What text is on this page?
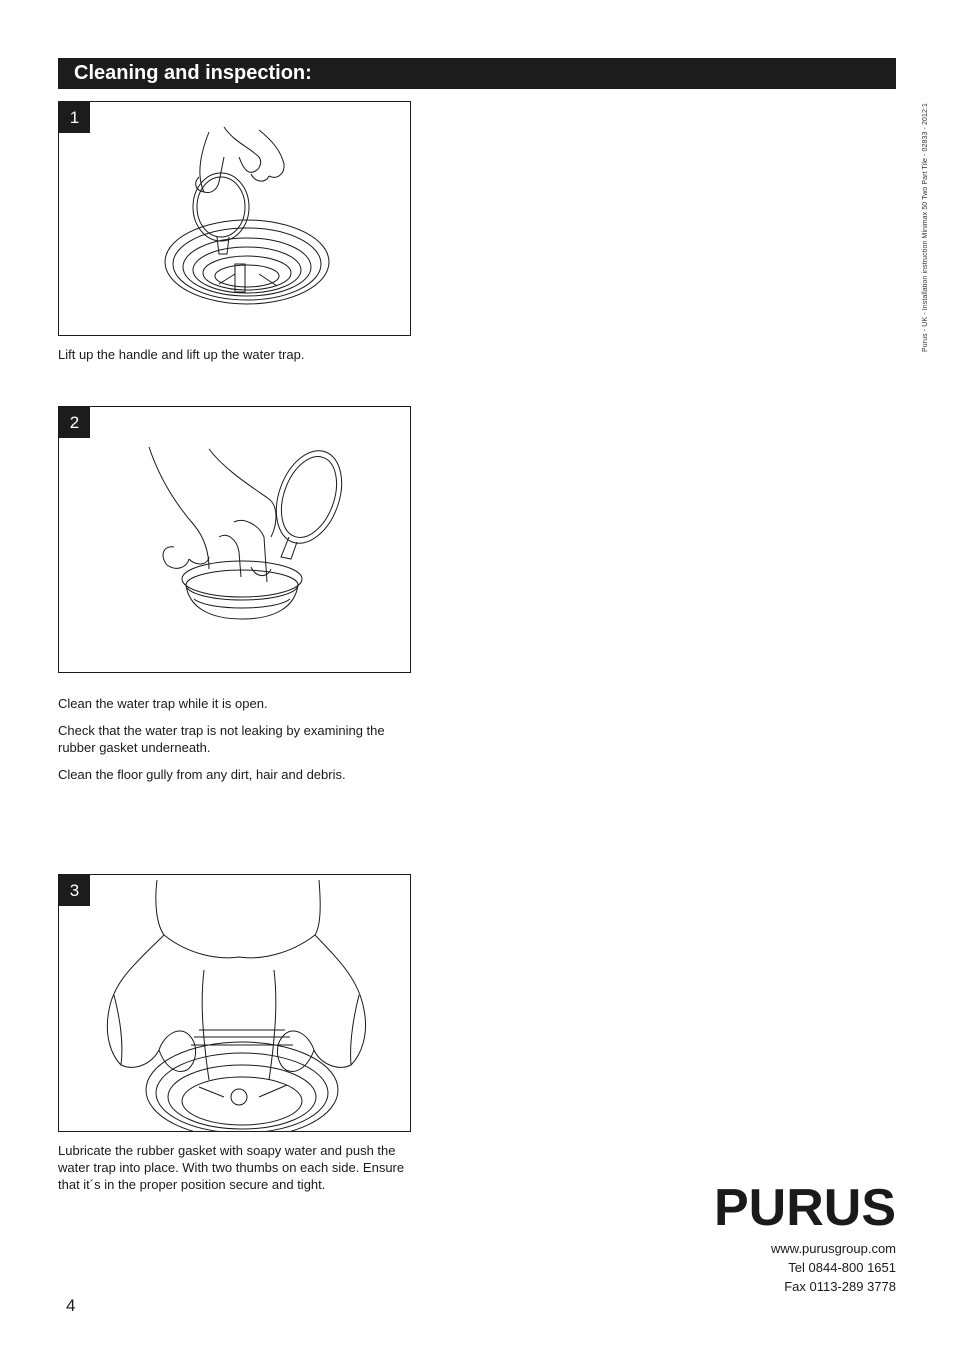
Cleaning and inspection:
Purus - UK - Installation instruction Minimax 50 Two Part Tile - 02833 - 2012:1
1

Lift up the handle and lift up the water trap.

2

Clean the water trap while it is open.

Check that the water trap is not leaking by examining the rubber gasket underneath.

Clean the floor gully from any dirt, hair and debris.

3

Lubricate the rubber gasket with soapy water and push the water trap into place. With two thumbs on each side. Ensure that it´s in the proper position secure and tight.	PURUS
www.purusgroup.com
Tel 0844-800 1651
Fax 0113-289 3778
4
